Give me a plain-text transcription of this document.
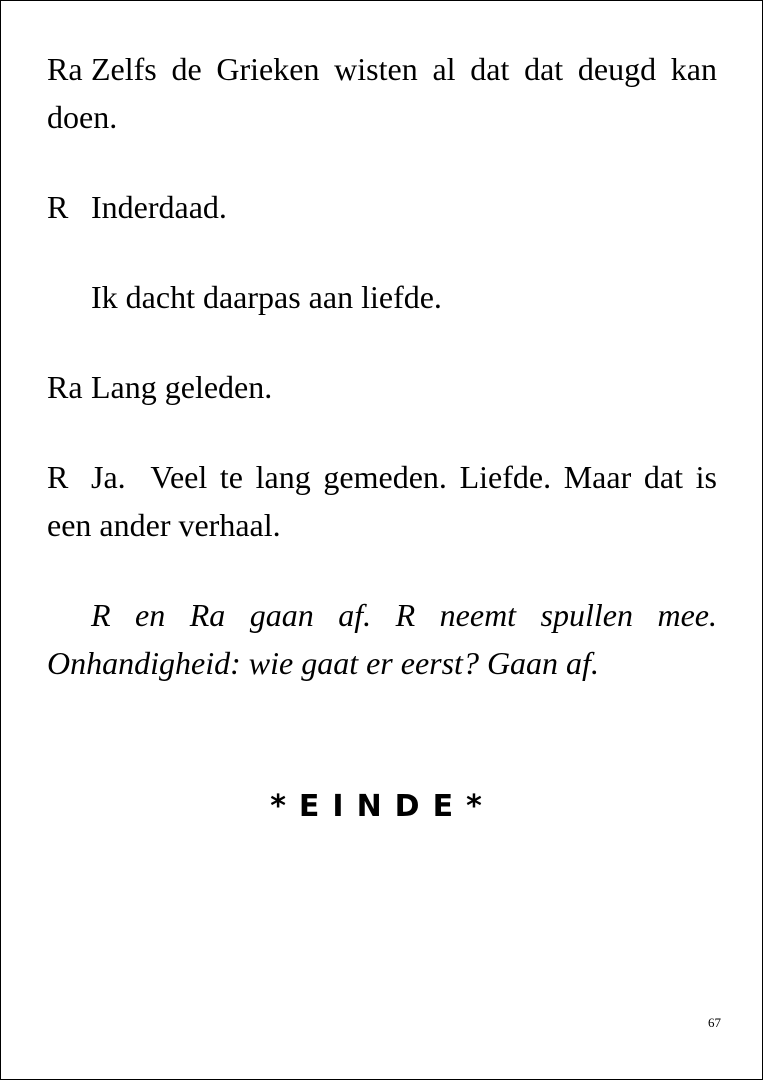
Ra Zelfs de Grieken wisten al dat dat deugd kan doen.
R Inderdaad.
Ik dacht daarpas aan liefde.
Ra Lang geleden.
R Ja.  Veel te lang gemeden. Liefde. Maar dat is een ander verhaal.
R en Ra gaan af. R neemt spullen mee. Onhandigheid: wie gaat er eerst? Gaan af.
*EINDE*
67
